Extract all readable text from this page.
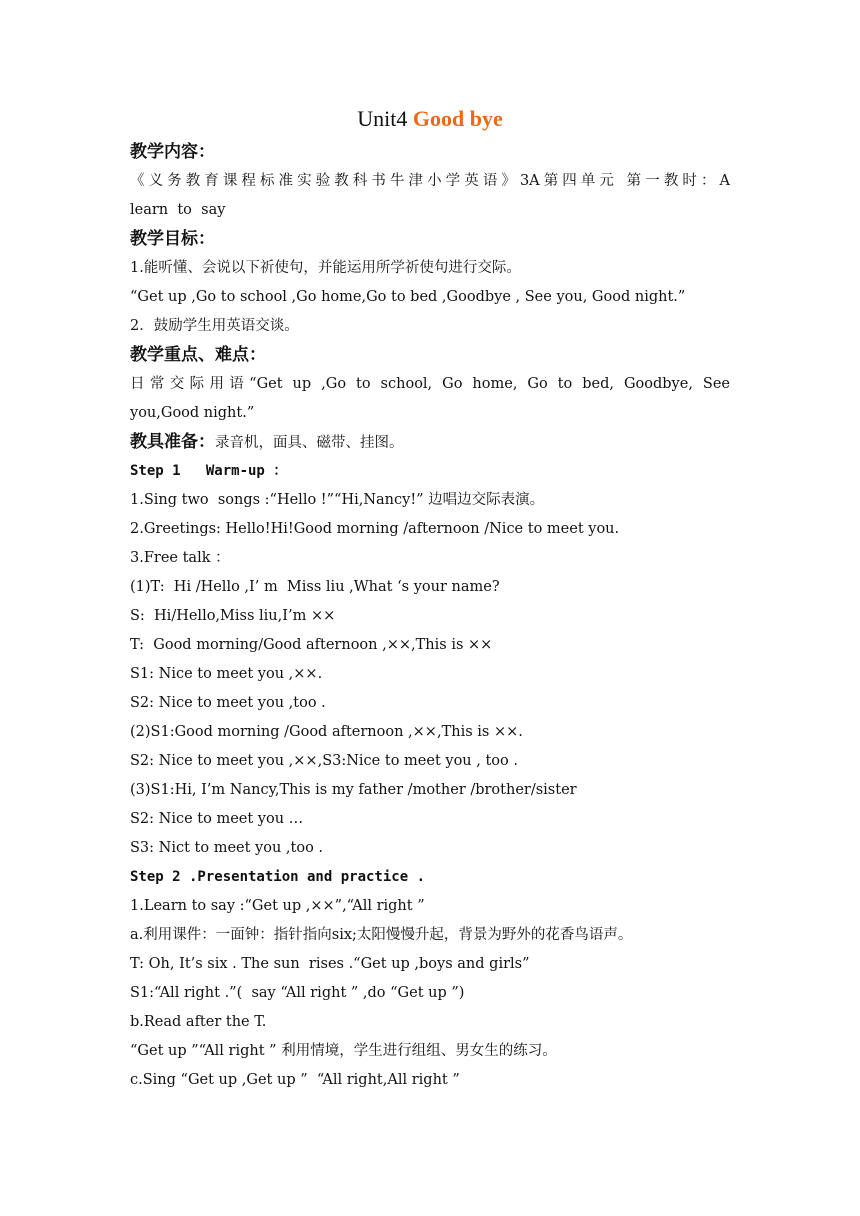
Unit4 Good bye
教学内容：
《义务教育课程标准实验教科书牛津小学英语》3A第四单元 第一教时：A
learn  to  say
教学目标：
1.能听懂、会说以下祈使句，并能运用所学祈使句进行交际。
“Get up ,Go to school ,Go home,Go to bed ,Goodbye , See you, Good night.”
2．鼓励学生用英语交谈。
教学重点、难点：
日常交际用语“Get up ,Go to school, Go home, Go to bed, Goodbye, See
you,Good night.”
教具准备：录音机，面具、磁带、挂图。
Step 1   Warm-up ：
1.Sing two  songs :“Hello !”“Hi,Nancy!” 边唱边交际表演。
2.Greetings: Hello!Hi!Good morning /afternoon /Nice to meet you.
3.Free talk ：
(1)T:  Hi /Hello ,I’ m  Miss liu ,What ‘s your name?
S:  Hi/Hello,Miss liu,I’m ××
T:  Good morning/Good afternoon ,××,This is ××
S1: Nice to meet you ,××.
S2: Nice to meet you ,too .
(2)S1:Good morning /Good afternoon ,××,This is ××.
S2: Nice to meet you ,××,S3:Nice to meet you , too .
(3)S1:Hi, I’m Nancy,This is my father /mother /brother/sister
S2: Nice to meet you …
S3: Nict to meet you ,too .
Step 2 .Presentation and practice .
1.Learn to say :“Get up ,××”,“All right ”
a.利用课件：一面钟：指针指向six;太阳慢慢升起，背景为野外的花香鸟语声。
T: Oh, It’s six . The sun  rises .“Get up ,boys and girls”
S1:“All right .”(  say “All right ” ,do “Get up ”)
b.Read after the T.
“Get up ”“All right ” 利用情境，学生进行组组、男女生的练习。
c.Sing “Get up ,Get up ”  “All right,All right ”
